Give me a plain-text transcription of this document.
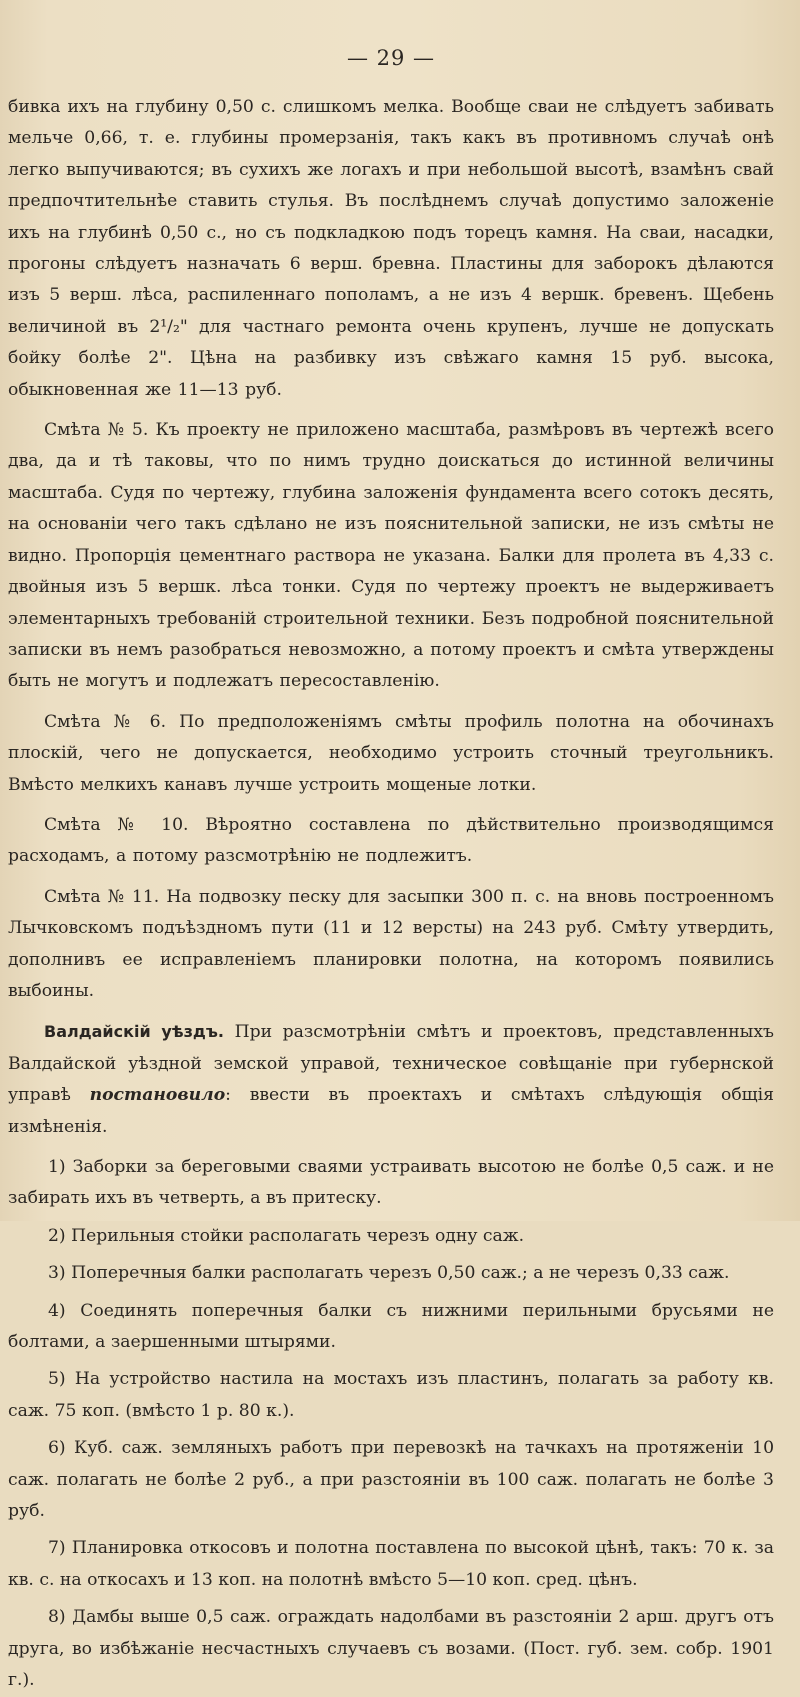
— 29 —

бивка ихъ на глубину 0,50 с. слишкомъ мелка. Вообще сваи не слѣдуетъ забивать мельче 0,66, т. е. глубины промерзанія, такъ какъ въ противномъ случаѣ онѣ легко выпучиваются; въ сухихъ же логахъ и при небольшой высотѣ, взамѣнъ свай предпочтительнѣе ставить стулья. Въ послѣднемъ случаѣ допустимо заложеніе ихъ на глубинѣ 0,50 с., но съ подкладкою подъ торецъ камня. На сваи, насадки, прогоны слѣдуетъ назначать 6 верш. бревна. Пластины для заборокъ дѣлаются изъ 5 верш. лѣса, распиленнаго пополамъ, а не изъ 4 вершк. бревенъ. Щебень величиной въ 2¹/₂" для частнаго ремонта очень крупенъ, лучше не допускать бойку болѣе 2". Цѣна на разбивку изъ свѣжаго камня 15 руб. высока, обыкновенная же 11—13 руб.

Смѣта № 5. Къ проекту не приложено масштаба, размѣровъ въ чертежѣ всего два, да и тѣ таковы, что по нимъ трудно доискаться до истинной величины масштаба. Судя по чертежу, глубина заложенія фундамента всего сотокъ десять, на основаніи чего такъ сдѣлано не изъ пояснительной записки, не изъ смѣты не видно. Пропорція цементнаго раствора не указана. Балки для пролета въ 4,33 с. двойныя изъ 5 вершк. лѣса тонки. Судя по чертежу проектъ не выдерживаетъ элементарныхъ требованій строительной техники. Безъ подробной пояснительной записки въ немъ разобраться невозможно, а потому проектъ и смѣта утверждены быть не могутъ и подлежатъ пересоставленію.

Смѣта № 6. По предположеніямъ смѣты профиль полотна на обочинахъ плоскій, чего не допускается, необходимо устроить сточный треугольникъ. Вмѣсто мелкихъ канавъ лучше устроить мощеные лотки.

Смѣта № 10. Вѣроятно составлена по дѣйствительно производящимся расходамъ, а потому разсмотрѣнію не подлежитъ.

Смѣта № 11. На подвозку песку для засыпки 300 п. с. на вновь построенномъ Лычковскомъ подъѣздномъ пути (11 и 12 версты) на 243 руб. Смѣту утвердить, дополнивъ ее исправленіемъ планировки полотна, на которомъ появились выбоины.

Валдайскій уѣздъ. При разсмотрѣніи смѣтъ и проектовъ, представленныхъ Валдайской уѣздной земской управой, техническое совѣщаніе при губернской управѣ постановило: ввести въ проектахъ и смѣтахъ слѣдующія общія измѣненія.

1) Заборки за береговыми сваями устраивать высотою не болѣе 0,5 саж. и не забирать ихъ въ четверть, а въ притеску.

2) Перильныя стойки располагать черезъ одну саж.

3) Поперечныя балки располагать черезъ 0,50 саж.; а не черезъ 0,33 саж.

4) Соединять поперечныя балки съ нижними перильными брусьями не болтами, а заершенными штырями.

5) На устройство настила на мостахъ изъ пластинъ, полагать за работу кв. саж. 75 коп. (вмѣсто 1 р. 80 к.).

6) Куб. саж. земляныхъ работъ при перевозкѣ на тачкахъ на протяженіи 10 саж. полагать не болѣе 2 руб., а при разстояніи въ 100 саж. полагать не болѣе 3 руб.

7) Планировка откосовъ и полотна поставлена по высокой цѣнѣ, такъ: 70 к. за кв. с. на откосахъ и 13 коп. на полотнѣ вмѣсто 5—10 коп. сред. цѣнъ.

8) Дамбы выше 0,5 саж. ограждать надолбами въ разстояніи 2 арш. другъ отъ друга, во избѣжаніе несчастныхъ случаевъ съ возами. (Пост. губ. зем. собр. 1901 г.).
